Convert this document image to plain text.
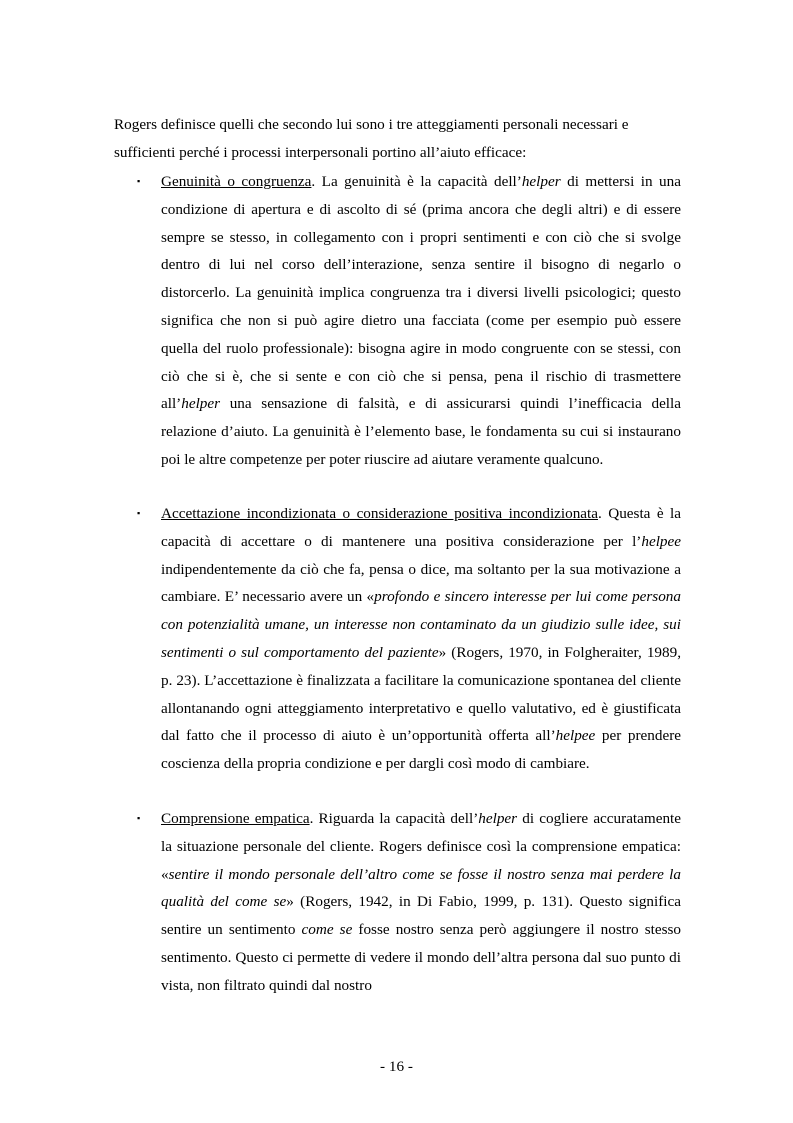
Rogers definisce quelli che secondo lui sono i tre atteggiamenti personali necessari e sufficienti perché i processi interpersonali portino all’aiuto efficace:

▪ Genuinità o congruenza. La genuinità è la capacità dell’helper di mettersi in una condizione di apertura e di ascolto di sé (prima ancora che degli altri) e di essere sempre se stesso, in collegamento con i propri sentimenti e con ciò che si svolge dentro di lui nel corso dell’interazione, senza sentire il bisogno di negarlo o distorcerlo. La genuinità implica congruenza tra i diversi livelli psicologici; questo significa che non si può agire dietro una facciata (come per esempio può essere quella del ruolo professionale): bisogna agire in modo congruente con se stessi, con ciò che si è, che si sente e con ciò che si pensa, pena il rischio di trasmettere all’helper una sensazione di falsità, e di assicurarsi quindi l’inefficacia della relazione d’aiuto. La genuinità è l’elemento base, le fondamenta su cui si instaurano poi le altre competenze per poter riuscire ad aiutare veramente qualcuno.

▪ Accettazione incondizionata o considerazione positiva incondizionata. Questa è la capacità di accettare o di mantenere una positiva considerazione per l’helpee indipendentemente da ciò che fa, pensa o dice, ma soltanto per la sua motivazione a cambiare. E’ necessario avere un «profondo e sincero interesse per lui come persona con potenzialità umane, un interesse non contaminato da un giudizio sulle idee, sui sentimenti o sul comportamento del paziente» (Rogers, 1970, in Folgheraiter, 1989, p. 23). L’accettazione è finalizzata a facilitare la comunicazione spontanea del cliente allontanando ogni atteggiamento interpretativo e quello valutativo, ed è giustificata dal fatto che il processo di aiuto è un’opportunità offerta all’helpee per prendere coscienza della propria condizione e per dargli così modo di cambiare.

▪ Comprensione empatica. Riguarda la capacità dell’helper di cogliere accuratamente la situazione personale del cliente. Rogers definisce così la comprensione empatica: «sentire il mondo personale dell’altro come se fosse il nostro senza mai perdere la qualità del come se» (Rogers, 1942, in Di Fabio, 1999, p. 131). Questo significa sentire un sentimento come se fosse nostro senza però aggiungere il nostro stesso sentimento. Questo ci permette di vedere il mondo dell’altra persona dal suo punto di vista, non filtrato quindi dal nostro

- 16 -
